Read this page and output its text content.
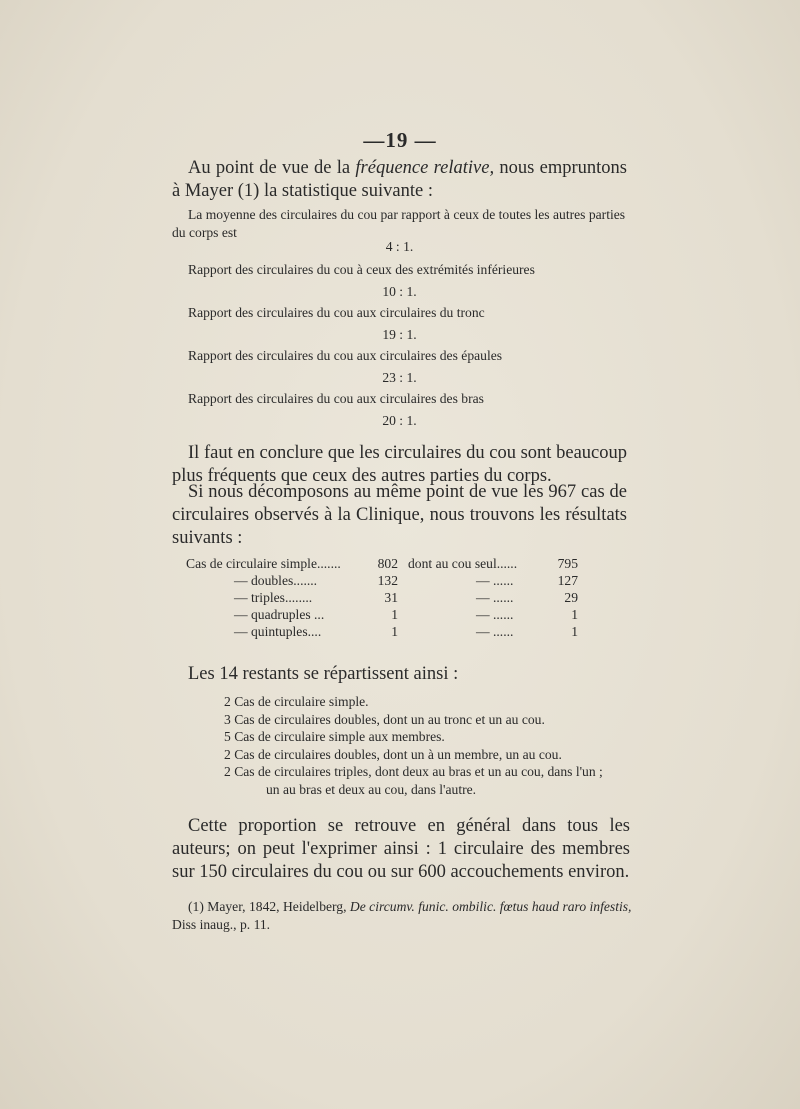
—19 —
Au point de vue de la fréquence relative, nous empruntons à Mayer (1) la statistique suivante :
La moyenne des circulaires du cou par rapport à ceux de toutes les autres parties du corps est
4 : 1.
Rapport des circulaires du cou à ceux des extrémités inférieures
10 : 1.
Rapport des circulaires du cou aux circulaires du tronc
19 : 1.
Rapport des circulaires du cou aux circulaires des épaules
23 : 1.
Rapport des circulaires du cou aux circulaires des bras
20 : 1.
Il faut en conclure que les circulaires du cou sont beaucoup plus fréquents que ceux des autres parties du corps.
Si nous décomposons au même point de vue les 967 cas de circulaires observés à la Clinique, nous trouvons les résultats suivants :
Cas de circulaire simple.......	802		dont au cou seul......	795
— doubles.......	132		— ......	127
— triples........	31		— ......	29
— quadruples ...	1		— ......	1
— quintuples....	1		— ......	1
Les 14 restants se répartissent ainsi :
2 Cas de circulaire simple.
3 Cas de circulaires doubles, dont un au tronc et un au cou.
5 Cas de circulaire simple aux membres.
2 Cas de circulaires doubles, dont un à un membre, un au cou.
2 Cas de circulaires triples, dont deux au bras et un au cou, dans l'un ;
un au bras et deux au cou, dans l'autre.
Cette proportion se retrouve en général dans tous les auteurs; on peut l'exprimer ainsi : 1 circulaire des membres sur 150 circulaires du cou ou sur 600 accouchements environ.
(1) Mayer, 1842, Heidelberg, De circumv. funic. ombilic. fœtus haud raro infestis, Diss inaug., p. 11.
